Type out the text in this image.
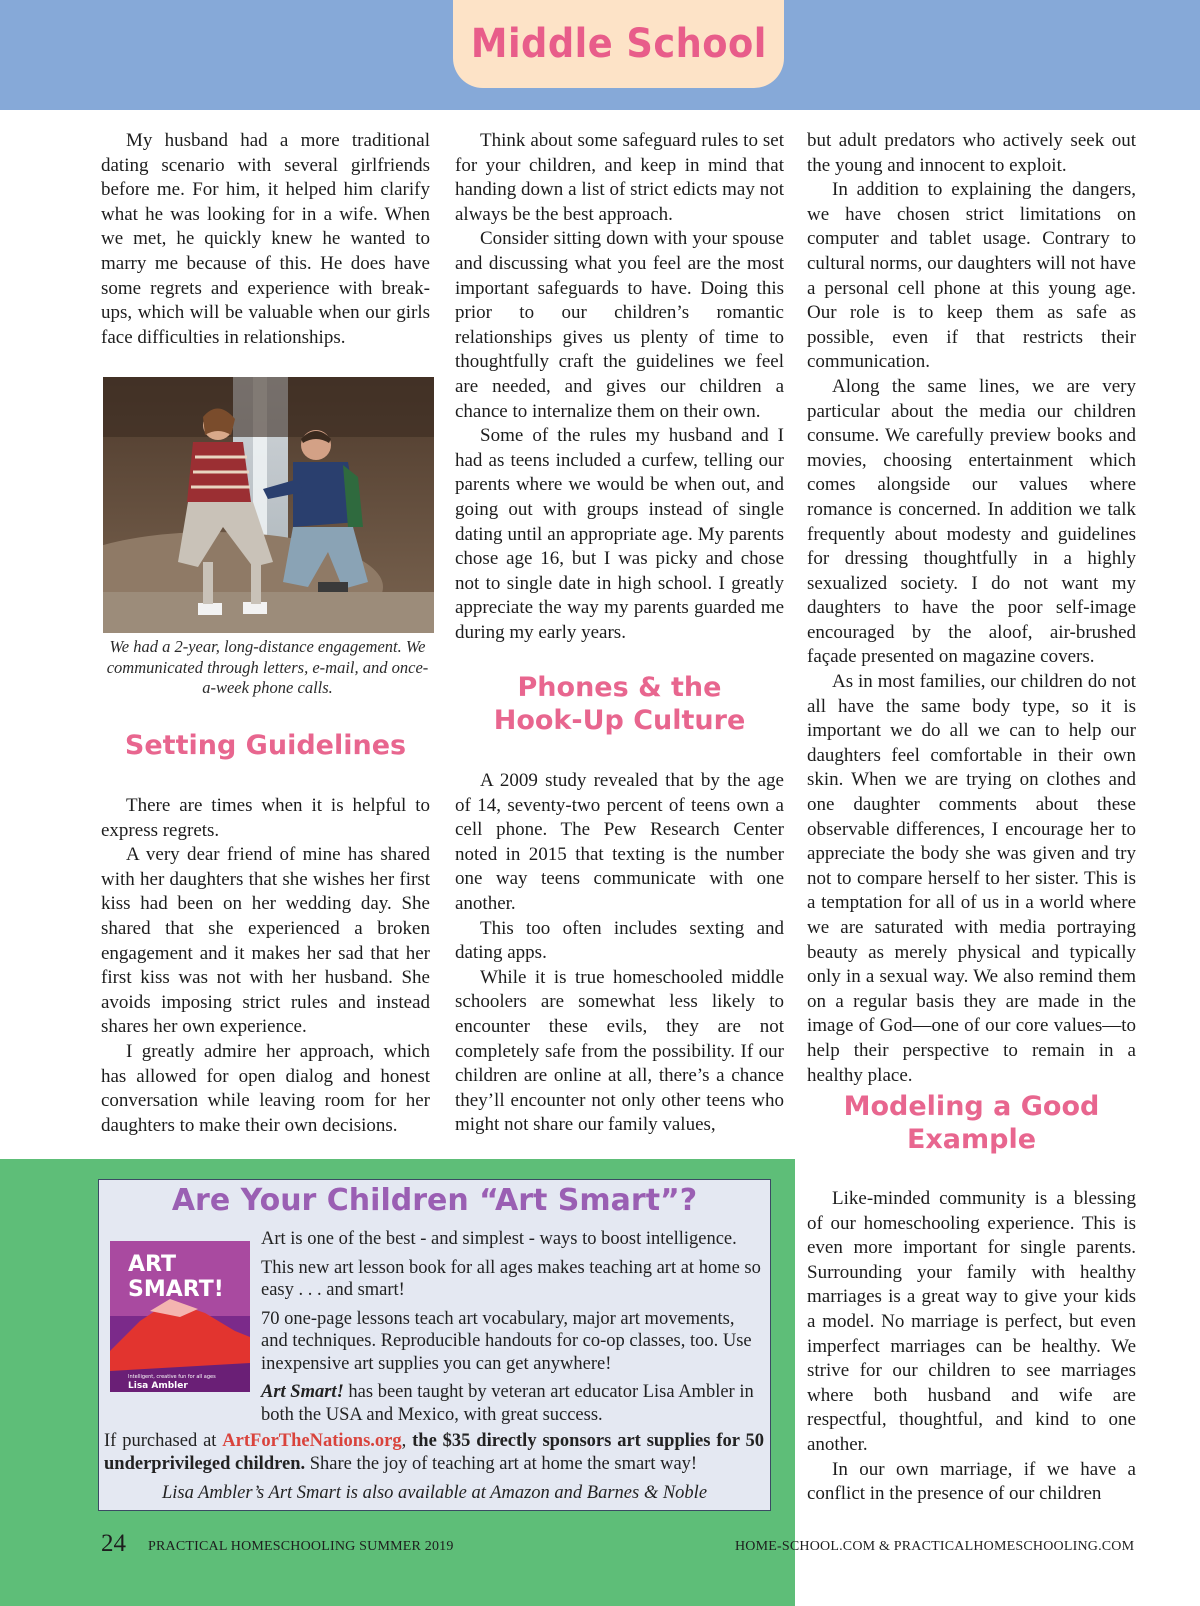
Middle School

My husband had a more traditional dating scenario with several girlfriends before me. For him, it helped him clarify what he was looking for in a wife. When we met, he quickly knew he wanted to marry me because of this. He does have some regrets and experience with break-ups, which will be valuable when our girls face difficulties in relationships.

We had a 2-year, long-distance engagement. We communicated through letters, e-mail, and once-a-week phone calls.
Setting Guidelines

There are times when it is helpful to express regrets.

A very dear friend of mine has shared with her daughters that she wishes her first kiss had been on her wedding day. She shared that she experienced a broken engagement and it makes her sad that her first kiss was not with her husband. She avoids imposing strict rules and instead shares her own experience.

I greatly admire her approach, which has allowed for open dialog and honest conversation while leaving room for her daughters to make their own decisions.

Think about some safeguard rules to set for your children, and keep in mind that handing down a list of strict edicts may not always be the best approach.

Consider sitting down with your spouse and discussing what you feel are the most important safeguards to have. Doing this prior to our children’s romantic relationships gives us plenty of time to thoughtfully craft the guidelines we feel are needed, and gives our children a chance to internalize them on their own.

Some of the rules my husband and I had as teens included a curfew, telling our parents where we would be when out, and going out with groups instead of single dating until an appropriate age. My parents chose age 16, but I was picky and chose not to single date in high school. I greatly appreciate the way my parents guarded me during my early years.

Phones & the
Hook-Up Culture

A 2009 study revealed that by the age of 14, seventy-two percent of teens own a cell phone. The Pew Research Center noted in 2015 that texting is the number one way teens communicate with one another.

This too often includes sexting and dating apps.

While it is true homeschooled middle schoolers are somewhat less likely to encounter these evils, they are not completely safe from the possibility. If our children are online at all, there’s a chance they’ll encounter not only other teens who might not share our family values,

but adult predators who actively seek out the young and innocent to exploit.

In addition to explaining the dangers, we have chosen strict limitations on computer and tablet usage. Contrary to cultural norms, our daughters will not have a personal cell phone at this young age. Our role is to keep them as safe as possible, even if that restricts their communication.

Along the same lines, we are very particular about the media our children consume. We carefully preview books and movies, choosing entertainment which comes alongside our values where romance is concerned. In addition we talk frequently about modesty and guidelines for dressing thoughtfully in a highly sexualized society. I do not want my daughters to have the poor self-image encouraged by the aloof, air-brushed façade presented on magazine covers.

As in most families, our children do not all have the same body type, so it is important we do all we can to help our daughters feel comfortable in their own skin. When we are trying on clothes and one daughter comments about these observable differences, I encourage her to appreciate the body she was given and try not to compare herself to her sister. This is a temptation for all of us in a world where we are saturated with media portraying beauty as merely physical and typically only in a sexual way. We also remind them on a regular basis they are made in the image of God—one of our core values—to help their perspective to remain in a healthy place.

Modeling a Good
Example

Like-minded community is a blessing of our homeschooling experience. This is even more important for single parents. Surrounding your family with healthy marriages is a great way to give your kids a model. No marriage is perfect, but even imperfect marriages can be healthy. We strive for our children to see marriages where both husband and wife are respectful, thoughtful, and kind to one another.

In our own marriage, if we have a conflict in the presence of our children

Are Your Children “Art Smart”?
ART
SMART!
Intelligent, creative fun for all ages
Lisa Ambler

Art is one of the best - and simplest - ways to boost intelligence.

This new art lesson book for all ages makes teaching art at home so easy . . . and smart!

70 one-page lessons teach art vocabulary, major art movements, and techniques. Reproducible handouts for co-op classes, too. Use inexpensive art supplies you can get anywhere!

Art Smart! has been taught by veteran art educator Lisa Ambler in both the USA and Mexico, with great success.

If purchased at ArtForTheNations.org, the $35 directly sponsors art supplies for 50 underprivileged children. Share the joy of teaching art at home the smart way!
Lisa Ambler’s Art Smart is also available at Amazon and Barnes & Noble
24 PRACTICAL HOMESCHOOLING SUMMER 2019	HOME-SCHOOL.COM & PRACTICALHOMESCHOOLING.COM
